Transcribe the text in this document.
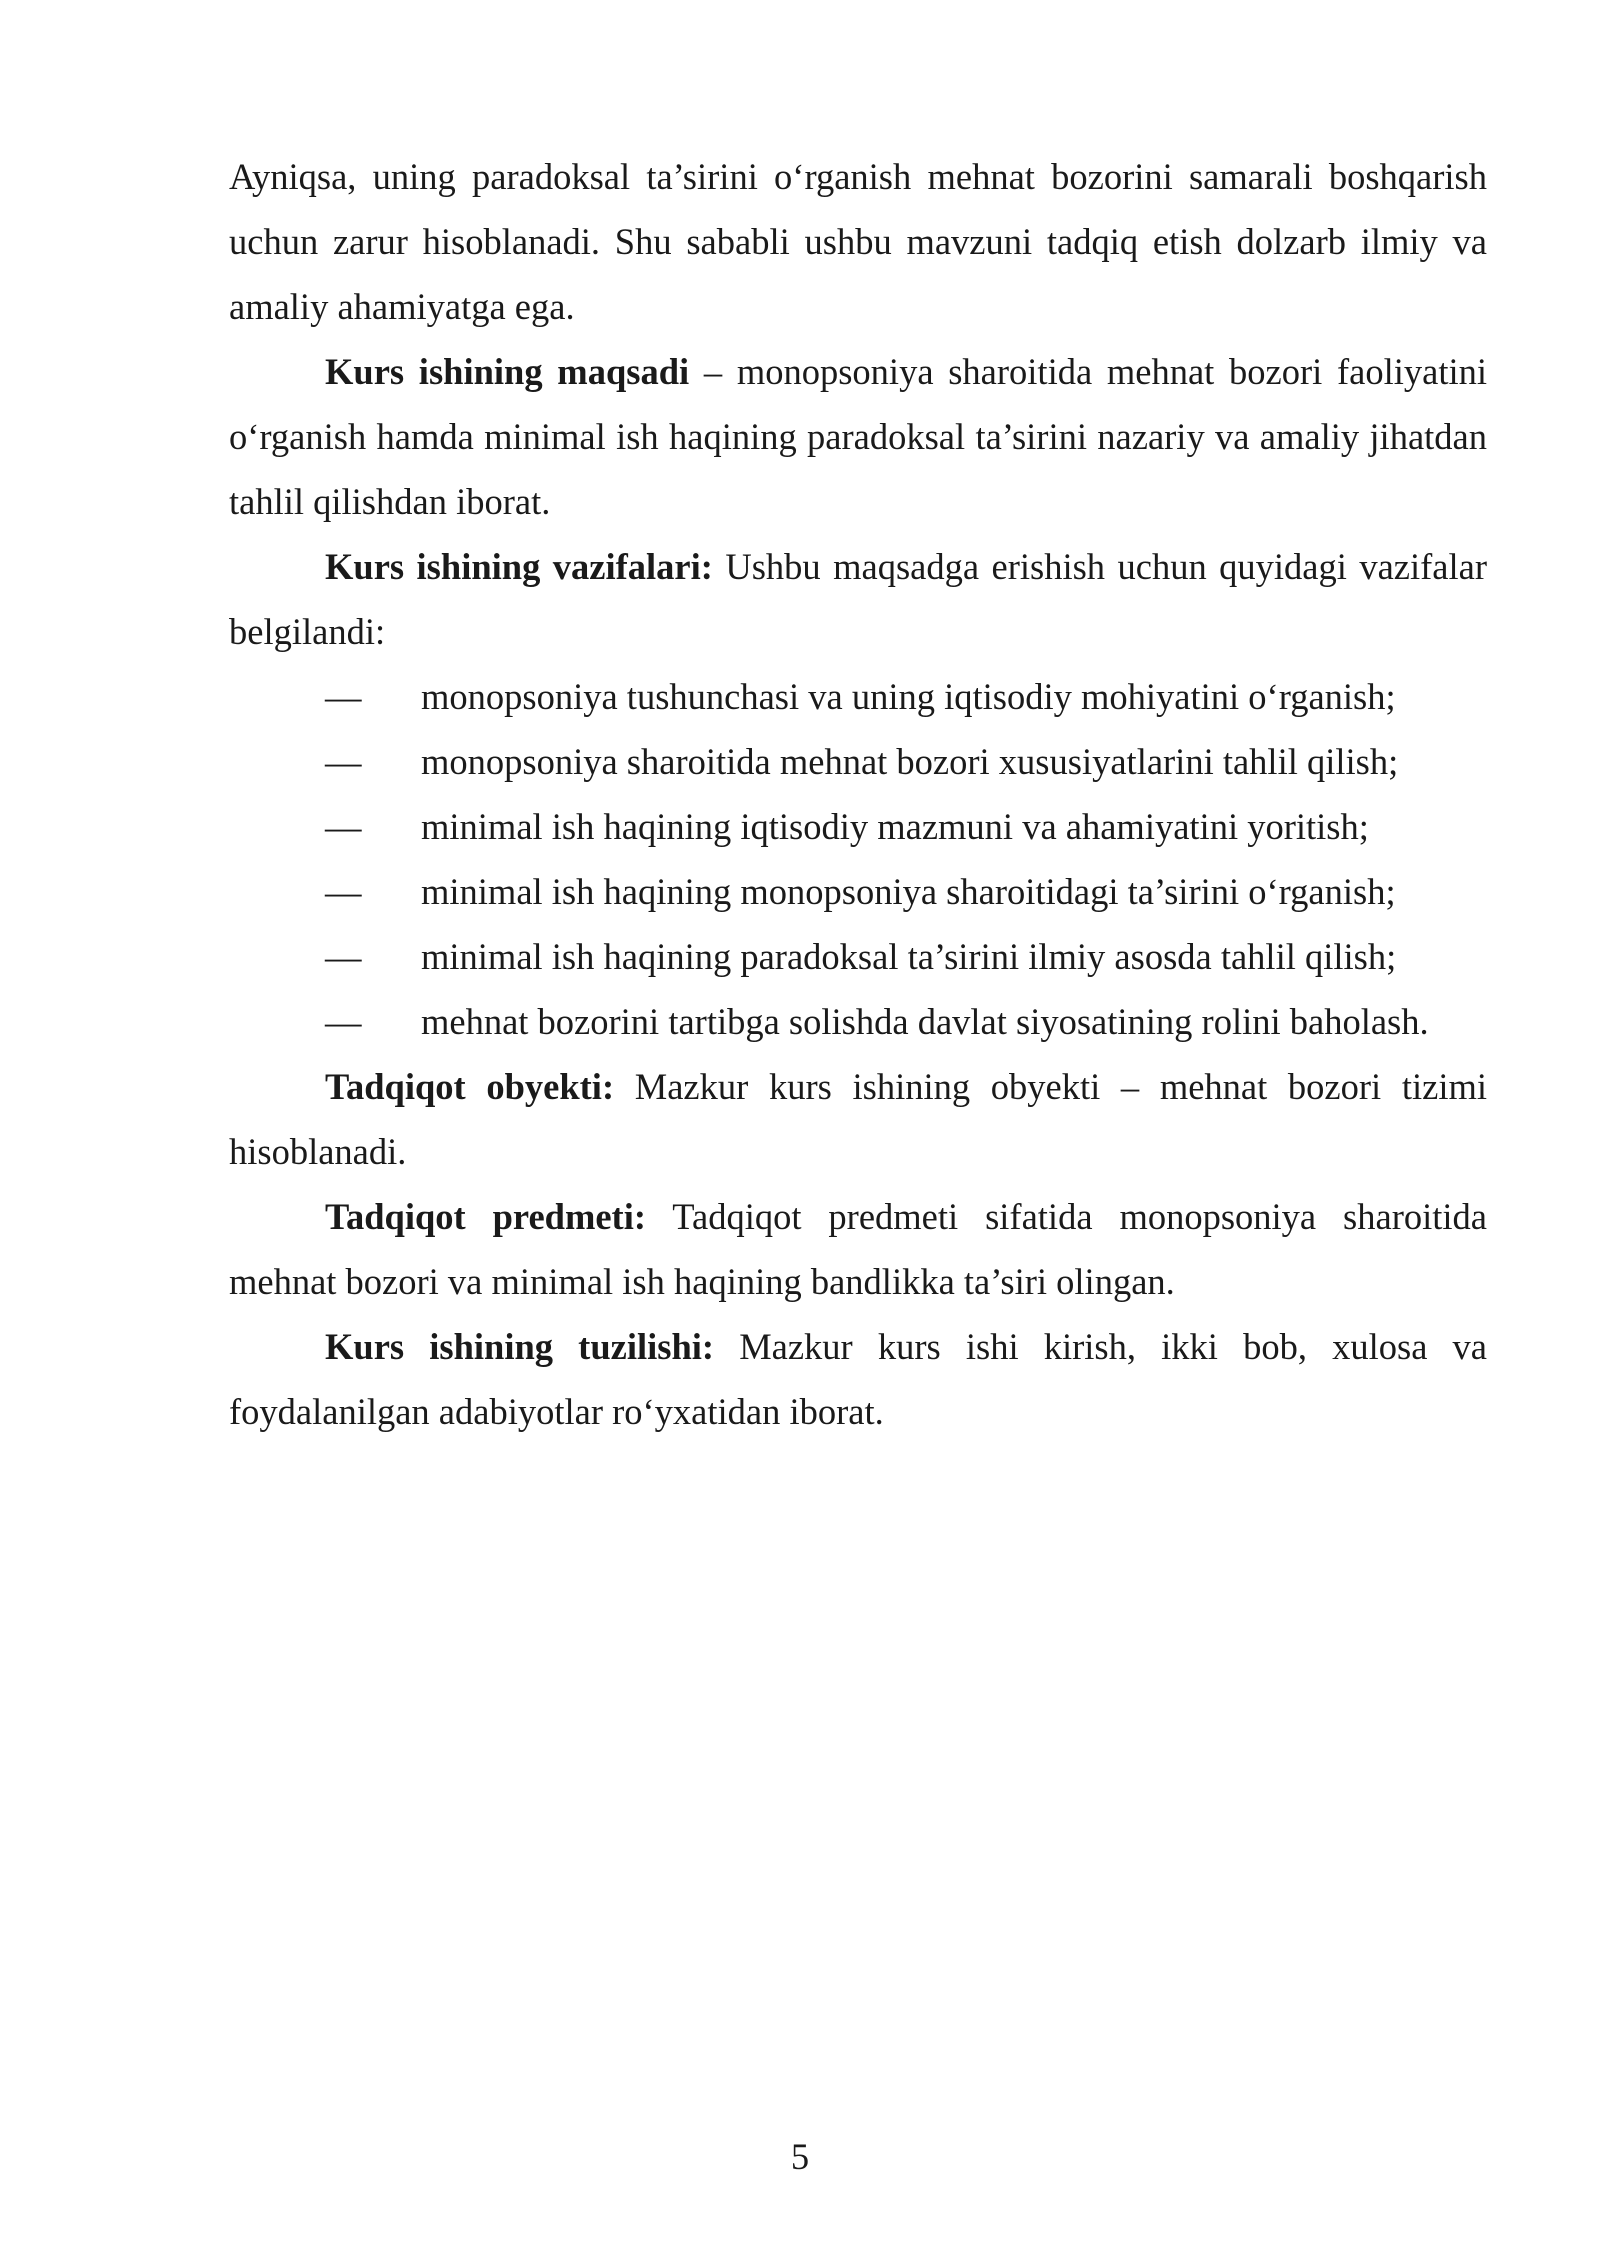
Ayniqsa, uning paradoksal ta’sirini o‘rganish mehnat bozorini samarali boshqarish uchun zarur hisoblanadi. Shu sababli ushbu mavzuni tadqiq etish dolzarb ilmiy va amaliy ahamiyatga ega.

Kurs ishining maqsadi – monopsoniya sharoitida mehnat bozori faoliyatini o‘rganish hamda minimal ish haqining paradoksal ta’sirini nazariy va amaliy jihatdan tahlil qilishdan iborat.

Kurs ishining vazifalari: Ushbu maqsadga erishish uchun quyidagi vazifalar belgilandi:

— monopsoniya tushunchasi va uning iqtisodiy mohiyatini o‘rganish;
— monopsoniya sharoitida mehnat bozori xususiyatlarini tahlil qilish;
— minimal ish haqining iqtisodiy mazmuni va ahamiyatini yoritish;
— minimal ish haqining monopsoniya sharoitidagi ta’sirini o‘rganish;
— minimal ish haqining paradoksal ta’sirini ilmiy asosda tahlil qilish;
— mehnat bozorini tartibga solishda davlat siyosatining rolini baholash.

Tadqiqot obyekti: Mazkur kurs ishining obyekti – mehnat bozori tizimi hisoblanadi.

Tadqiqot predmeti: Tadqiqot predmeti sifatida monopsoniya sharoitida mehnat bozori va minimal ish haqining bandlikka ta’siri olingan.

Kurs ishining tuzilishi: Mazkur kurs ishi kirish, ikki bob, xulosa va foydalanilgan adabiyotlar ro‘yxatidan iborat.

5
